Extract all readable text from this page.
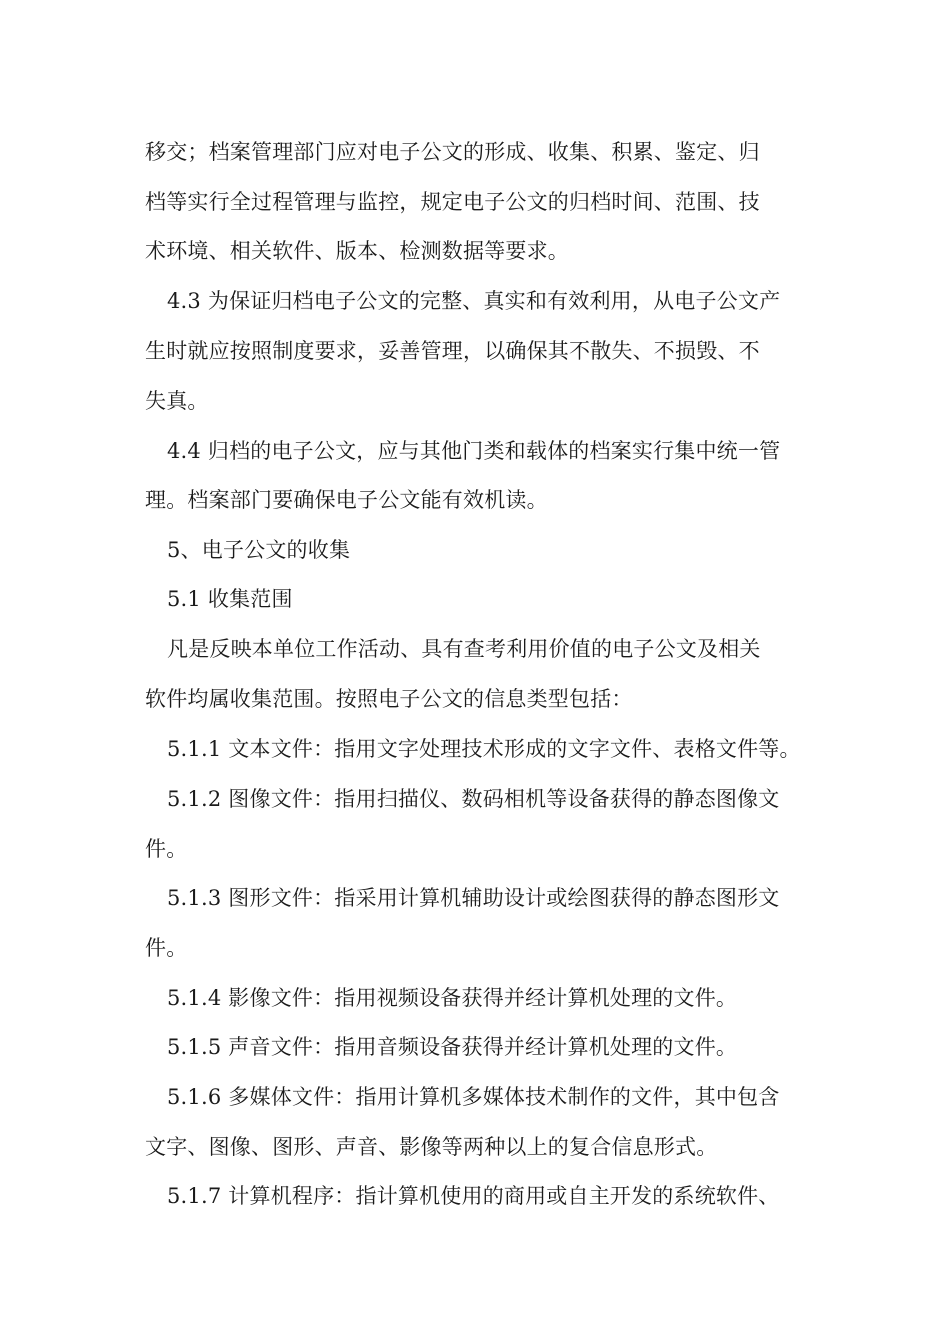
移交；档案管理部门应对电子公文的形成、收集、积累、鉴定、归
档等实行全过程管理与监控，规定电子公文的归档时间、范围、技
术环境、相关软件、版本、检测数据等要求。
4.3 为保证归档电子公文的完整、真实和有效利用，从电子公文产
生时就应按照制度要求，妥善管理，以确保其不散失、不损毁、不
失真。
4.4 归档的电子公文，应与其他门类和载体的档案实行集中统一管
理。档案部门要确保电子公文能有效机读。
5、电子公文的收集
5.1 收集范围
凡是反映本单位工作活动、具有查考利用价值的电子公文及相关
软件均属收集范围。按照电子公文的信息类型包括：
5.1.1 文本文件：指用文字处理技术形成的文字文件、表格文件等。
5.1.2 图像文件：指用扫描仪、数码相机等设备获得的静态图像文
件。
5.1.3 图形文件：指采用计算机辅助设计或绘图获得的静态图形文
件。
5.1.4 影像文件：指用视频设备获得并经计算机处理的文件。
5.1.5 声音文件：指用音频设备获得并经计算机处理的文件。
5.1.6 多媒体文件：指用计算机多媒体技术制作的文件，其中包含
文字、图像、图形、声音、影像等两种以上的复合信息形式。
5.1.7 计算机程序：指计算机使用的商用或自主开发的系统软件、
